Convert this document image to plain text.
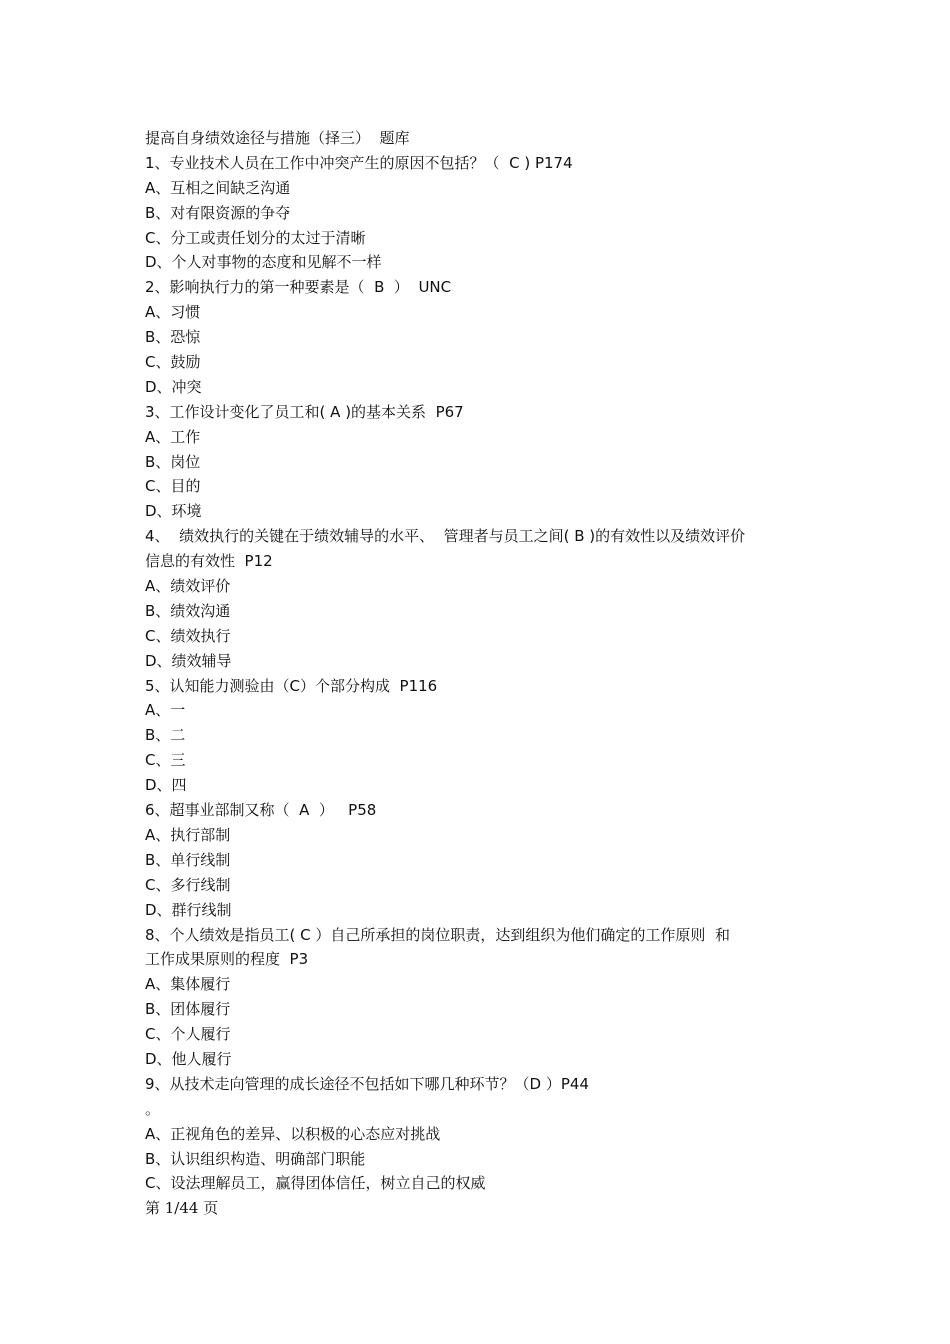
提高自身绩效途径与措施（择三）  题库
1、专业技术人员在工作中冲突产生的原因不包括？（  C ) P174
A、互相之间缺乏沟通
B、对有限资源的争夺
C、分工或责任划分的太过于清晰
D、个人对事物的态度和见解不一样
2、影响执行力的第一种要素是（  B  ）  UNC
A、习惯
B、恐惊
C、鼓励
D、冲突
3、工作设计变化了员工和( A )的基本关系  P67
A、工作
B、岗位
C、目的
D、环境
4、  绩效执行的关键在于绩效辅导的水平、  管理者与员工之间( B )的有效性以及绩效评价
信息的有效性  P12
A、绩效评价
B、绩效沟通
C、绩效执行
D、绩效辅导
5、认知能力测验由（C）个部分构成  P116
A、一
B、二
C、三
D、四
6、超事业部制又称（  A  ）   P58
A、执行部制
B、单行线制
C、多行线制
D、群行线制
8、个人绩效是指员工( C ）自己所承担的岗位职责，达到组织为他们确定的工作原则  和
工作成果原则的程度  P3
A、集体履行
B、团体履行
C、个人履行
D、他人履行
9、从技术走向管理的成长途径不包括如下哪几种环节？（D ）P44
。
A、正视角色的差异、以积极的心态应对挑战
B、认识组织构造、明确部门职能
C、设法理解员工，赢得团体信任，树立自己的权威
第 1/44 页
